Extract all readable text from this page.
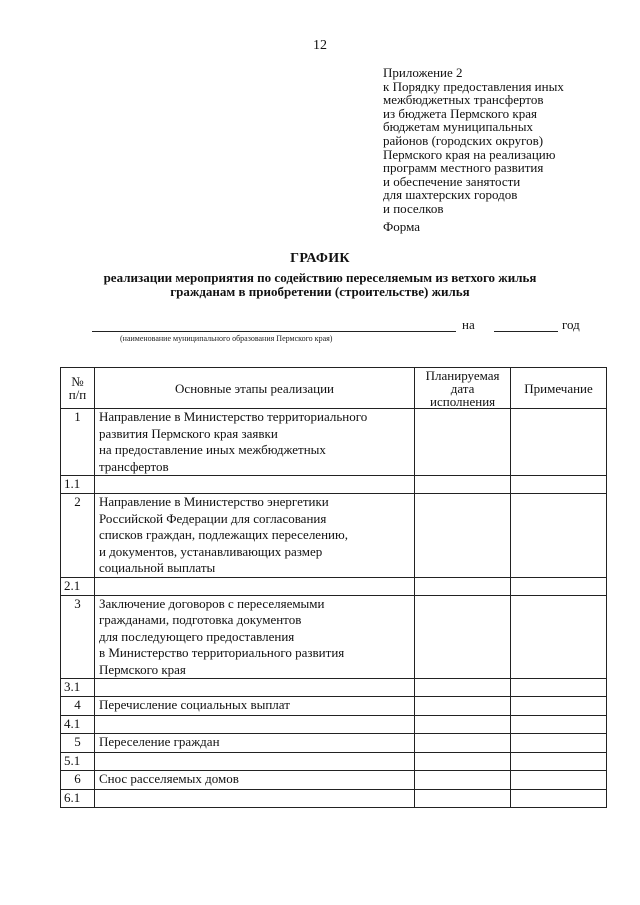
12
Приложение 2
к Порядку предоставления иных
межбюджетных трансфертов
из бюджета Пермского края
бюджетам муниципальных
районов (городских округов)
Пермского края на реализацию
программ местного развития
и обеспечение занятости
для шахтерских городов
и поселков
Форма
ГРАФИК
реализации мероприятия по содействию переселяемым из ветхого жилья
гражданам в приобретении (строительстве) жилья
на	год
(наименование муниципального образования Пермского края)
№ п/п	Основные этапы реализации	Планируемая дата исполнения	Примечание
1	Направление в Министерство территориального
развития Пермского края заявки
на предоставление иных межбюджетных
трансфертов		

1.1			
2	Направление в Министерство энергетики
Российской Федерации для согласования
списков граждан, подлежащих переселению,
и документов, устанавливающих размер
социальной выплаты		

2.1			
3	Заключение договоров с переселяемыми
гражданами, подготовка документов
для последующего предоставления
в Министерство территориального развития
Пермского края		

3.1			
4	Перечисление социальных выплат		

4.1			
5	Переселение граждан		

5.1			
6	Снос расселяемых домов		

6.1			
